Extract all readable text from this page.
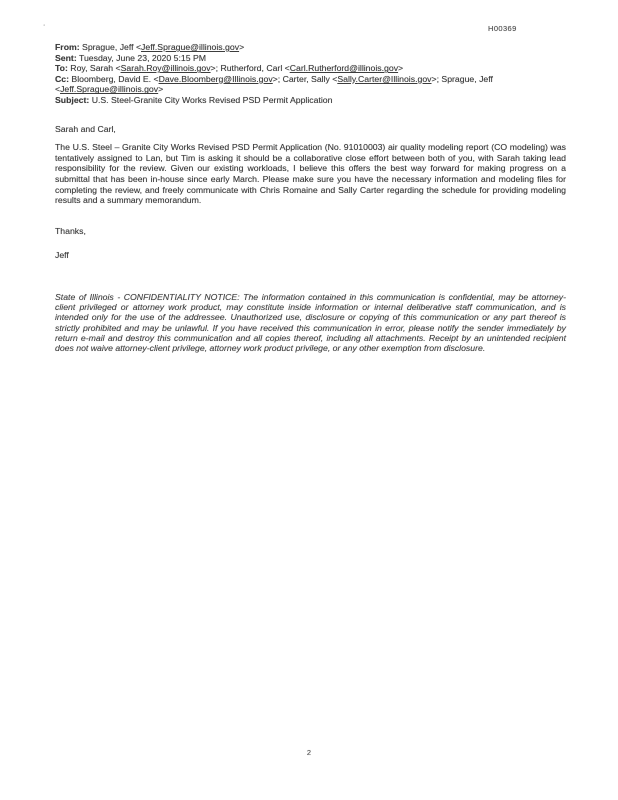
·	H00369
From: Sprague, Jeff <Jeff.Sprague@illinois.gov>
Sent: Tuesday, June 23, 2020 5:15 PM
To: Roy, Sarah <Sarah.Roy@illinois.gov>; Rutherford, Carl <Carl.Rutherford@illinois.gov>
Cc: Bloomberg, David E. <Dave.Bloomberg@Illinois.gov>; Carter, Sally <Sally.Carter@Illinois.gov>; Sprague, Jeff <Jeff.Sprague@illinois.gov>
Subject: U.S. Steel-Granite City Works Revised PSD Permit Application
Sarah and Carl,
The U.S. Steel – Granite City Works Revised PSD Permit Application (No. 91010003) air quality modeling report (CO modeling) was tentatively assigned to Lan, but Tim is asking it should be a collaborative close effort between both of you, with Sarah taking lead responsibility for the review. Given our existing workloads, I believe this offers the best way forward for making progress on a submittal that has been in-house since early March. Please make sure you have the necessary information and modeling files for completing the review, and freely communicate with Chris Romaine and Sally Carter regarding the schedule for providing modeling results and a summary memorandum.
Thanks,
Jeff
State of Illinois - CONFIDENTIALITY NOTICE: The information contained in this communication is confidential, may be attorney-client privileged or attorney work product, may constitute inside information or internal deliberative staff communication, and is intended only for the use of the addressee. Unauthorized use, disclosure or copying of this communication or any part thereof is strictly prohibited and may be unlawful. If you have received this communication in error, please notify the sender immediately by return e-mail and destroy this communication and all copies thereof, including all attachments. Receipt by an unintended recipient does not waive attorney-client privilege, attorney work product privilege, or any other exemption from disclosure.
2
